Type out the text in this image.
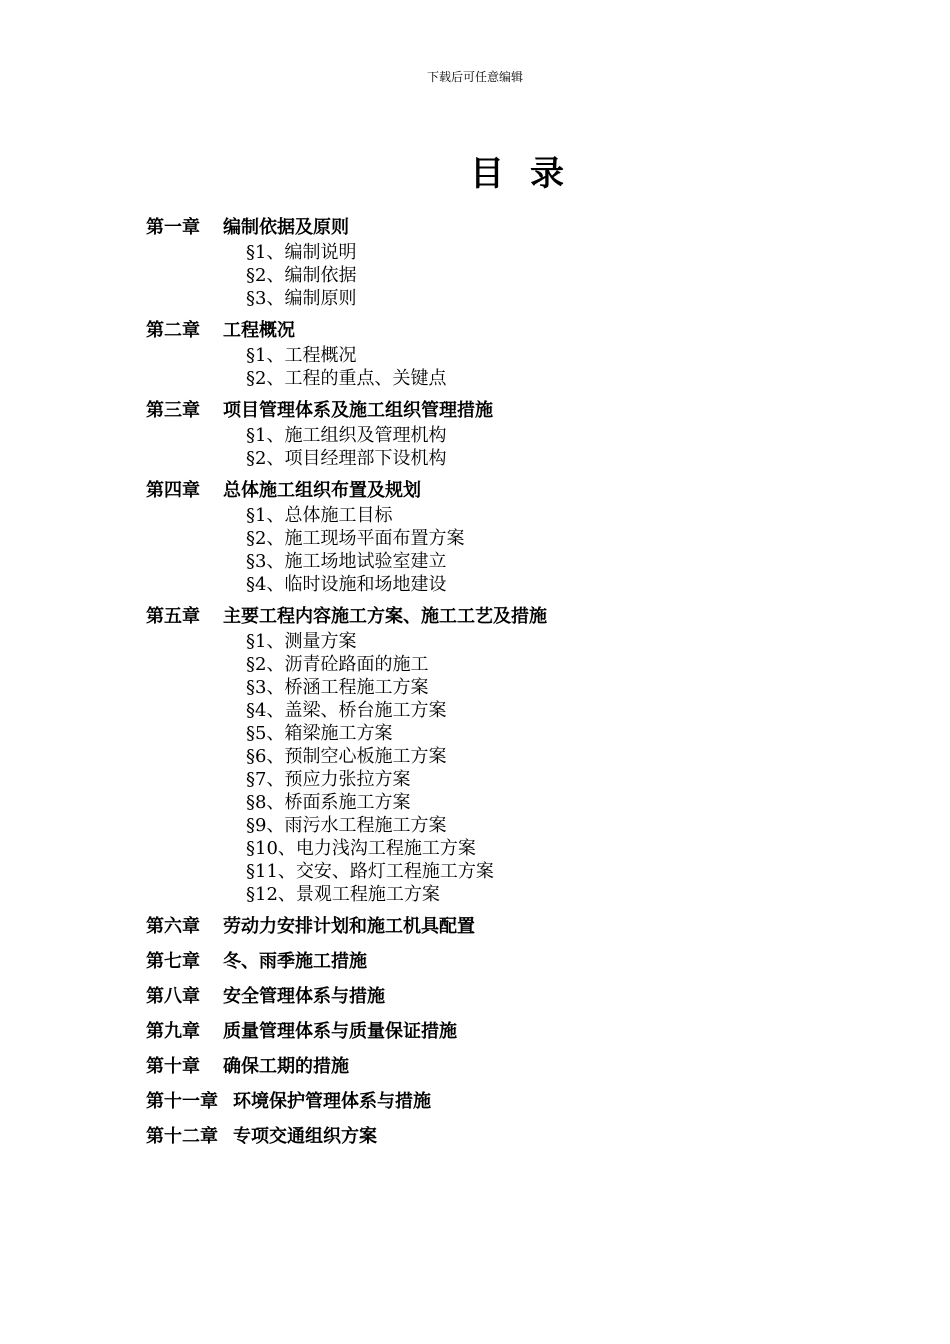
下载后可任意编辑
目录
第一章	编制依据及原则
§1、编制说明
§2、编制依据
§3、编制原则
第二章	工程概况
§1、工程概况
§2、工程的重点、关键点
第三章	项目管理体系及施工组织管理措施
§1、施工组织及管理机构
§2、项目经理部下设机构
第四章	总体施工组织布置及规划
§1、总体施工目标
§2、施工现场平面布置方案
§3、施工场地试验室建立
§4、临时设施和场地建设
第五章	主要工程内容施工方案、施工工艺及措施
§1、测量方案
§2、沥青砼路面的施工
§3、桥涵工程施工方案
§4、盖梁、桥台施工方案
§5、箱梁施工方案
§6、预制空心板施工方案
§7、预应力张拉方案
§8、桥面系施工方案
§9、雨污水工程施工方案
§10、电力浅沟工程施工方案
§11、交安、路灯工程施工方案
§12、景观工程施工方案
第六章	劳动力安排计划和施工机具配置
第七章	冬、雨季施工措施
第八章	安全管理体系与措施
第九章	质量管理体系与质量保证措施
第十章	确保工期的措施
第十一章 环境保护管理体系与措施
第十二章 专项交通组织方案
